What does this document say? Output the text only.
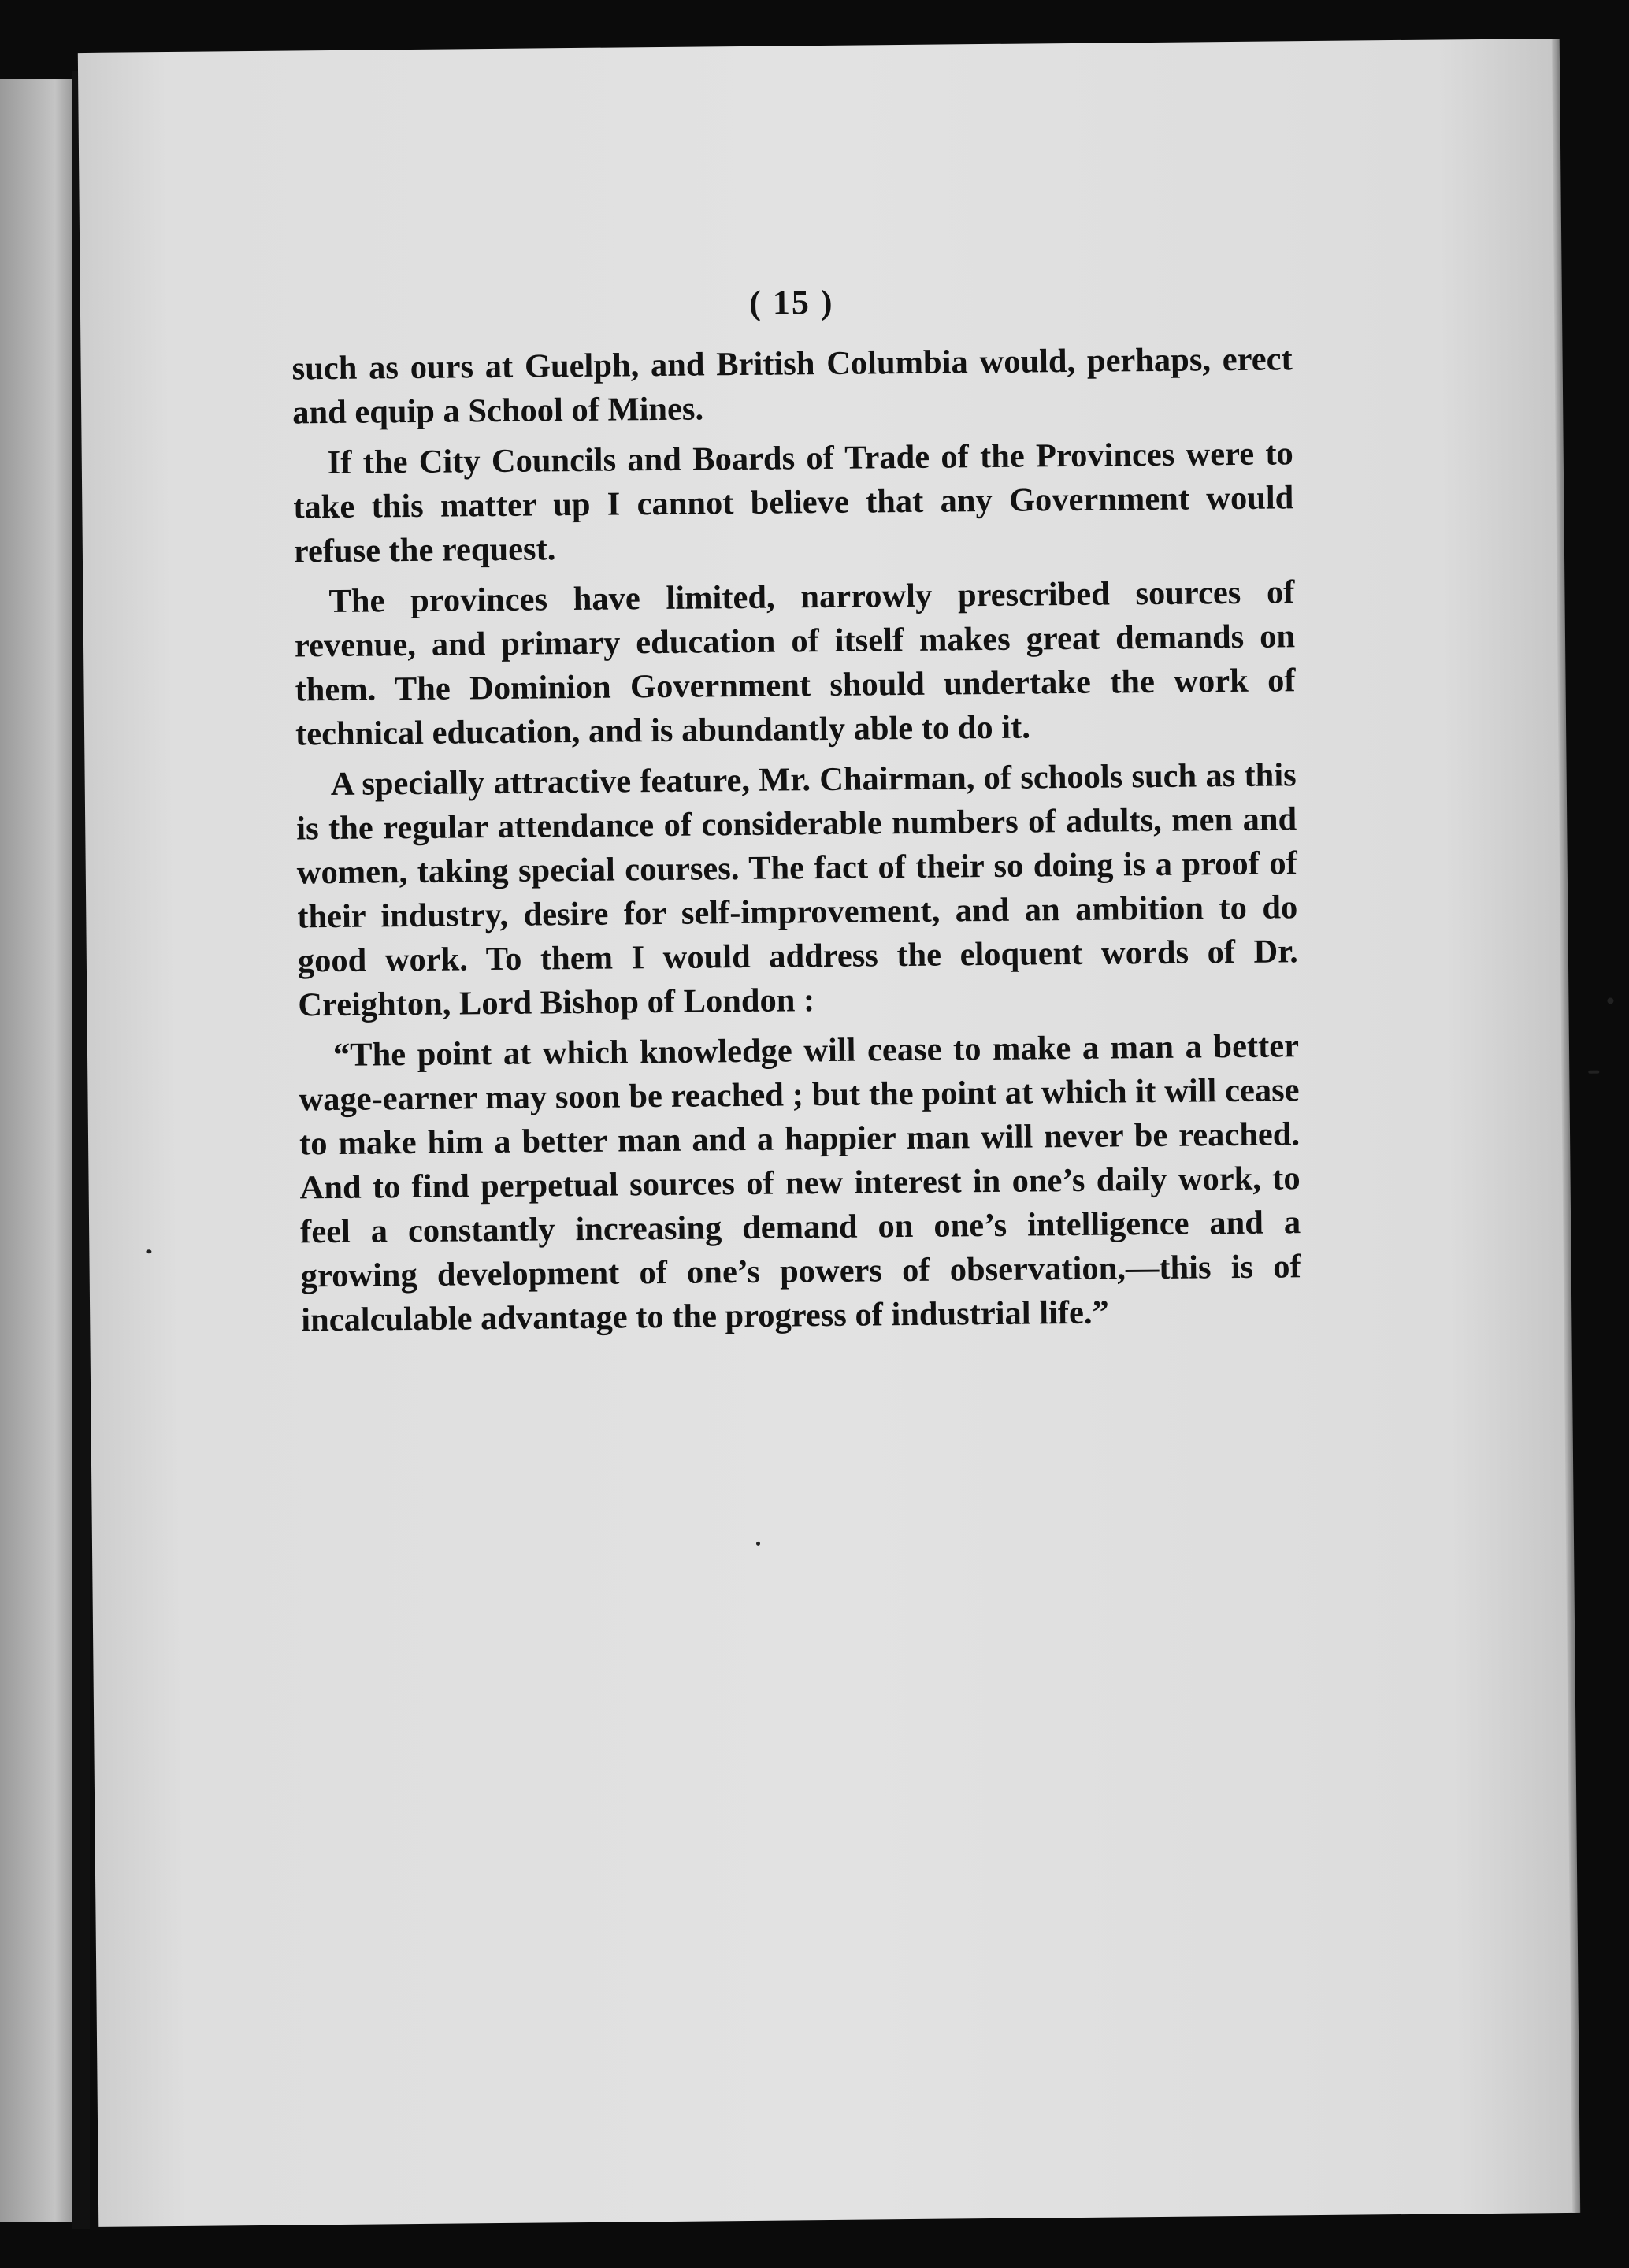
( 15 )

such as ours at Guelph, and British Columbia would, perhaps, erect and equip a School of Mines.

If the City Councils and Boards of Trade of the Provinces were to take this matter up I cannot believe that any Government would refuse the request.

The provinces have limited, narrowly prescribed sources of revenue, and primary education of itself makes great demands on them. The Dominion Government should undertake the work of technical education, and is abundantly able to do it.

A specially attractive feature, Mr. Chairman, of schools such as this is the regular attendance of considerable numbers of adults, men and women, taking special courses. The fact of their so doing is a proof of their industry, desire for self-improvement, and an ambition to do good work. To them I would address the eloquent words of Dr. Creighton, Lord Bishop of London :

“The point at which knowledge will cease to make a man a better wage-earner may soon be reached ; but the point at which it will cease to make him a better man and a happier man will never be reached. And to find perpetual sources of new interest in one’s daily work, to feel a constantly increasing demand on one’s intelligence and a growing development of one’s powers of observation,—this is of incalculable advantage to the progress of industrial life.”
